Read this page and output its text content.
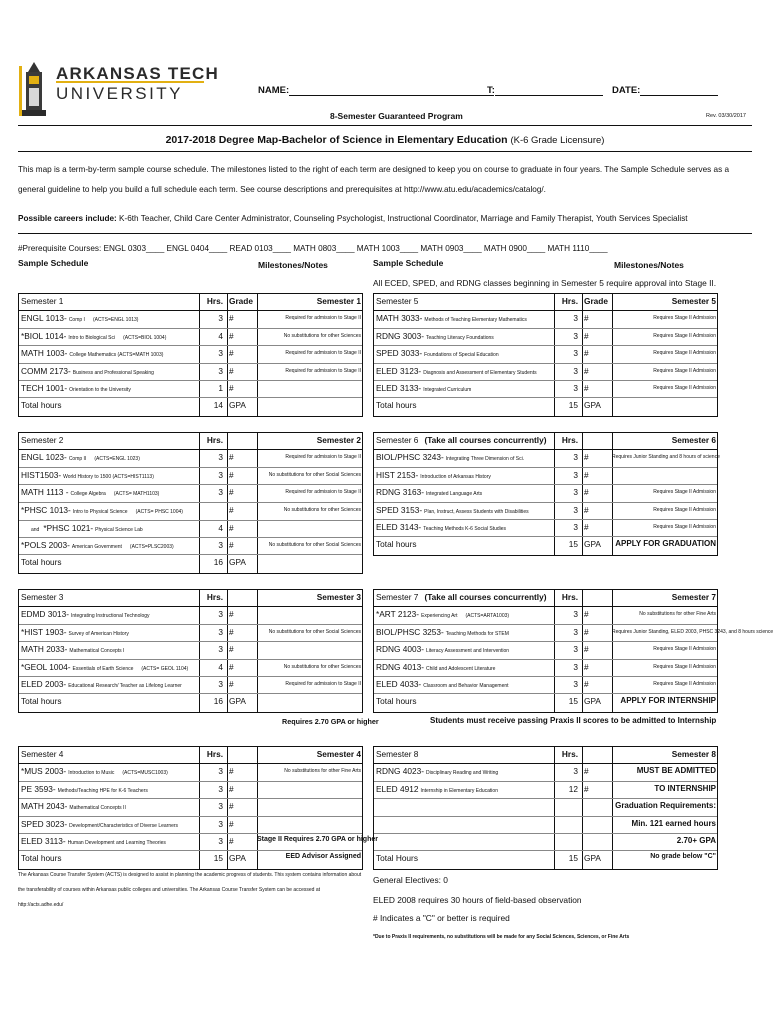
ARKANSAS TECH
UNIVERSITY	NAME:	T:	DATE:
8-Semester Guaranteed Program	Rev. 03/30/2017
2017-2018 Degree Map-Bachelor of Science in Elementary Education (K-6 Grade Licensure)
This map is a term-by-term sample course schedule. The milestones listed to the right of each term are designed to keep you on course to graduate in four years. The Sample Schedule serves as a general guideline to help you build a full schedule each term. See course descriptions and prerequisites at http://www.atu.edu/academics/catalog/.
Possible careers include: K-6th Teacher, Child Care Center Administrator, Counseling Psychologist, Instructional Coordinator, Marriage and Family Therapist, Youth Services Specialist
#Prerequisite Courses: ENGL 0303____ ENGL 0404____ READ 0103____ MATH 0803____ MATH 1003____ MATH 0903____ MATH 0900____ MATH 1110____
Sample Schedule	Milestones/Notes	Sample Schedule	Milestones/Notes
All ECED, SPED, and RDNG classes beginning in Semester 5 require approval into Stage II.
Semester 1	Hrs. Grade	Semester 1
ENGL 1013- Comp I (ACTS=ENGL 1013)	3 #	Required for admission to Stage II
*BIOL 1014- Intro to Biological Sci (ACTS=BIOL 1004)	4 #	No substitutions for other Sciences
MATH 1003- College Mathematics (ACTS=MATH 1003)	3 #	Required for admission to Stage II
COMM 2173- Business and Professional Speaking	3 #	Required for admission to Stage II
TECH 1001- Orientation to the University	1 #
Total hours	14 GPA
Semester 2	Hrs.	Semester 2
ENGL 1023- Comp II (ACTS=ENGL 1023)	3 #	Required for admission to Stage II
HIST1503- World History to 1500 (ACTS=HIST1113)	3 #	No substitutions for other Social Sciences
MATH 1113 - College Algebra (ACTS= MATH1103)	3 #	Required for admission to Stage II
*PHSC 1013- Intro to Physical Science (ACTS= PHSC 1004)	#	No substitutions for other Sciences
and *PHSC 1021- Physical Science Lab	4 #
*POLS 2003- American Government (ACTS=PLSC2003)	3 #	No substitutions for other Social Sciences
Total hours	16 GPA
Semester 3	Hrs.	Semester 3
EDMD 3013- Integrating Instructional Technology	3 #
*HIST 1903- Survey of American History	3 #	No substitutions for other Social Sciences
MATH 2033- Mathematical Concepts I	3 #
*GEOL 1004- Essentials of Earth Science (ACTS= GEOL 1104)	4 #	No substitutions for other Sciences
ELED 2003- Educational Research/ Teacher as Lifelong Learner	3 #	Required for admission to Stage II
Total hours	16 GPA
Semester 4	Hrs.	Semester 4
*MUS 2003- Introduction to Music (ACTS=MUSC1003)	3 #	No substitutions for other Fine Arts
PE 3593- Methods/Teaching HPE for K-6 Teachers	3 #
MATH 2043- Mathematical Concepts II	3 #
SPED 3023- Development/Characteristics of Diverse Learners	3 #
ELED 3113- Human Development and Learning Theories	3 #	Stage II Requires 2.70 GPA or higher
Total hours	15 GPA	EED Advisor Assigned
Semester 5	Hrs. Grade	Semester 5
MATH 3033- Methods of Teaching Elementary Mathematics	3 #	Requires Stage II Admission
RDNG 3003- Teaching Literacy Foundations	3 #	Requires Stage II Admission
SPED 3033- Foundations of Special Education	3 #	Requires Stage II Admission
ELED 3123- Diagnosis and Assessment of Elementary Students	3 #	Requires Stage II Admission
ELED 3133- Integrated Curriculum	3 #	Requires Stage II Admission
Total hours	15 GPA
Semester 6 (Take all courses concurrently)	Hrs.	Semester 6
BIOL/PHSC 3243- Integrating Three Dimension of Sci.	3 #	Requires Junior Standing and 8 hours of science
HIST 2153- Introduction of Arkansas History	3 #
RDNG 3163- Integrated Language Arts	3 #	Requires Stage II Admission
SPED 3153- Plan, Instruct, Assess Students with Disabilities	3 #	Requires Stage II Admission
ELED 3143- Teaching Methods K-6 Social Studies	3 #	Requires Stage II Admission
Total hours	15 GPA	APPLY FOR GRADUATION
Semester 7 (Take all courses concurrently)	Hrs.	Semester 7
*ART 2123- Experiencing Art (ACTS=ARTA1003)	3 #	No substitutions for other Fine Arts
BIOL/PHSC 3253- Teaching Methods for STEM	3 #	Requires Junior Standing, ELED 2003, PHSC 3243, and 8 hours science
RDNG 4003- Literacy Assessment and Intervention	3 #	Requires Stage II Admission
RDNG 4013- Child and Adolescent Literature	3 #	Requires Stage II Admission
ELED 4033- Classroom and Behavior Management	3 #	Requires Stage II Admission
Total hours	15 GPA	APPLY FOR INTERNSHIP
Semester 8	Hrs.	Semester 8
RDNG 4023- Disciplinary Reading and Writing	3 #	MUST BE ADMITTED
ELED 4912 Internship in Elementary Education	12 #	TO INTERNSHIP
Graduation Requirements:
Min. 121 earned hours
2.70+ GPA
Total Hours	15 GPA	No grade below "C"
Requires 2.70 GPA or higher	Students must receive passing Praxis II scores to be admitted to Internship
The Arkansas Course Transfer System (ACTS) is designed to assist in planning the academic progress of students. This system contains information about the transferability of courses within Arkansas public colleges and universities. The Arkansas Course Transfer System can be accessed at http://acts.adhe.edu/
General Electives: 0
ELED 2008 requires 30 hours of field-based observation
# Indicates a "C" or better is required
*Due to Praxis II requirements, no substitutions will be made for any Social Sciences, Sciences, or Fine Arts
